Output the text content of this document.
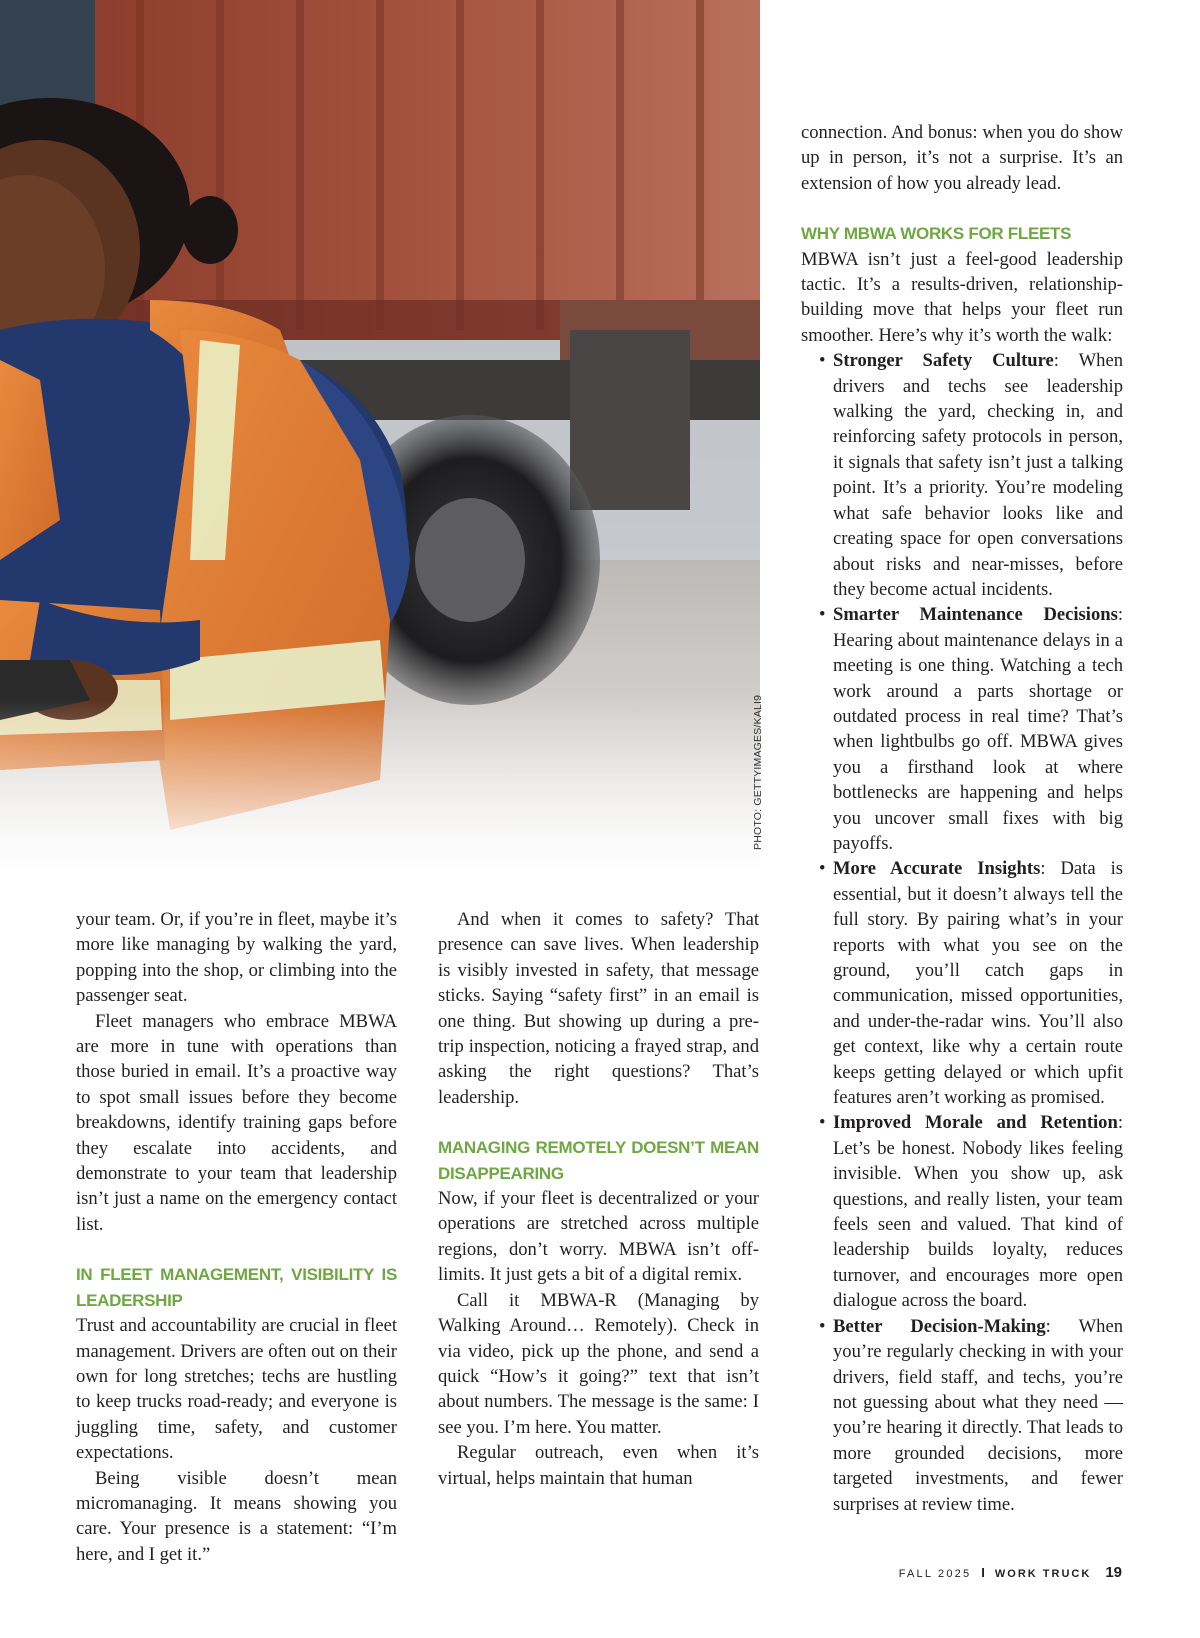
PHOTO: GETTYIMAGES/KALI9

your team. Or, if you’re in fleet, maybe it’s more like managing by walking the yard, popping into the shop, or climbing into the passenger seat.

Fleet managers who embrace MBWA are more in tune with operations than those buried in email. It’s a proactive way to spot small issues before they become breakdowns, identify training gaps before they escalate into accidents, and demonstrate to your team that leadership isn’t just a name on the emergency contact list.

IN FLEET MANAGEMENT, VISIBILITY IS LEADERSHIP

Trust and accountability are crucial in fleet management. Drivers are often out on their own for long stretches; techs are hustling to keep trucks road-ready; and everyone is juggling time, safety, and customer expectations.

Being visible doesn’t mean micromanaging. It means showing you care. Your presence is a statement: “I’m here, and I get it.”

And when it comes to safety? That presence can save lives. When leadership is visibly invested in safety, that message sticks. Saying “safety first” in an email is one thing. But showing up during a pre-trip inspection, noticing a frayed strap, and asking the right questions? That’s leadership.

MANAGING REMOTELY DOESN’T MEAN DISAPPEARING

Now, if your fleet is decentralized or your operations are stretched across multiple regions, don’t worry. MBWA isn’t off-limits. It just gets a bit of a digital remix.

Call it MBWA-R (Managing by Walking Around… Remotely). Check in via video, pick up the phone, and send a quick “How’s it going?” text that isn’t about numbers. The message is the same: I see you. I’m here. You matter.

Regular outreach, even when it’s virtual, helps maintain that human

connection. And bonus: when you do show up in person, it’s not a surprise. It’s an extension of how you already lead.

WHY MBWA WORKS FOR FLEETS

MBWA isn’t just a feel-good leadership tactic. It’s a results-driven, relationship-building move that helps your fleet run smoother. Here’s why it’s worth the walk:

• Stronger Safety Culture: When drivers and techs see leadership walking the yard, checking in, and reinforcing safety protocols in person, it signals that safety isn’t just a talking point. It’s a priority. You’re modeling what safe behavior looks like and creating space for open conversations about risks and near-misses, before they become actual incidents.
• Smarter Maintenance Decisions: Hearing about maintenance delays in a meeting is one thing. Watching a tech work around a parts shortage or outdated process in real time? That’s when lightbulbs go off. MBWA gives you a firsthand look at where bottlenecks are happening and helps you uncover small fixes with big payoffs.
• More Accurate Insights: Data is essential, but it doesn’t always tell the full story. By pairing what’s in your reports with what you see on the ground, you’ll catch gaps in communication, missed opportunities, and under-the-radar wins. You’ll also get context, like why a certain route keeps getting delayed or which upfit features aren’t working as promised.
• Improved Morale and Retention: Let’s be honest. Nobody likes feeling invisible. When you show up, ask questions, and really listen, your team feels seen and valued. That kind of leadership builds loyalty, reduces turnover, and encourages more open dialogue across the board.
• Better Decision-Making: When you’re regularly checking in with your drivers, field staff, and techs, you’re not guessing about what they need — you’re hearing it directly. That leads to more grounded decisions, more targeted investments, and fewer surprises at review time.
FALL 2025 I WORK TRUCK 19
